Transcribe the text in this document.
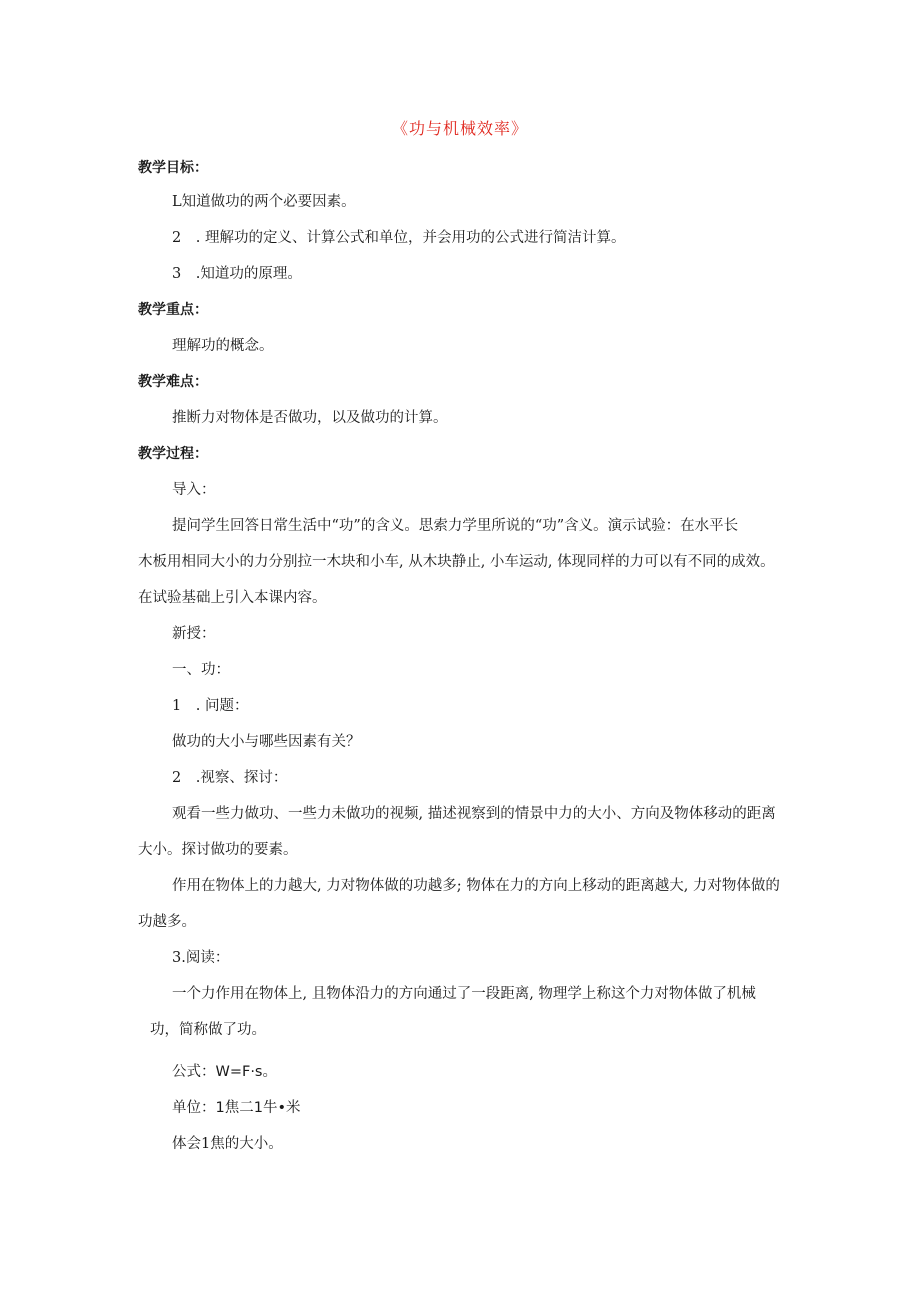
《功与机械效率》
教学目标：
L知道做功的两个必要因素。
2　. 理解功的定义、计算公式和单位，并会用功的公式进行简洁计算。
3　.知道功的原理。
教学重点：
理解功的概念。
教学难点：
推断力对物体是否做功，以及做功的计算。
教学过程：
导入：
提问学生回答日常生活中“功”的含义。思索力学里所说的“功”含义。演示试验：在水平长
木板用相同大小的力分别拉一木块和小车, 从木块静止, 小车运动, 体现同样的力可以有不同的成效。
在试验基础上引入本课内容。
新授：
一、功：
1　. 问题：
做功的大小与哪些因素有关？
2　.视察、探讨：
观看一些力做功、一些力未做功的视频, 描述视察到的情景中力的大小、方向及物体移动的距离
大小。探讨做功的要素。
作用在物体上的力越大, 力对物体做的功越多; 物体在力的方向上移动的距离越大, 力对物体做的
功越多。
3.阅读：
一个力作用在物体上, 且物体沿力的方向通过了一段距离, 物理学上称这个力对物体做了机械
功，简称做了功。
公式：W=F·s。
单位：1焦二1牛•米
体会1焦的大小。
